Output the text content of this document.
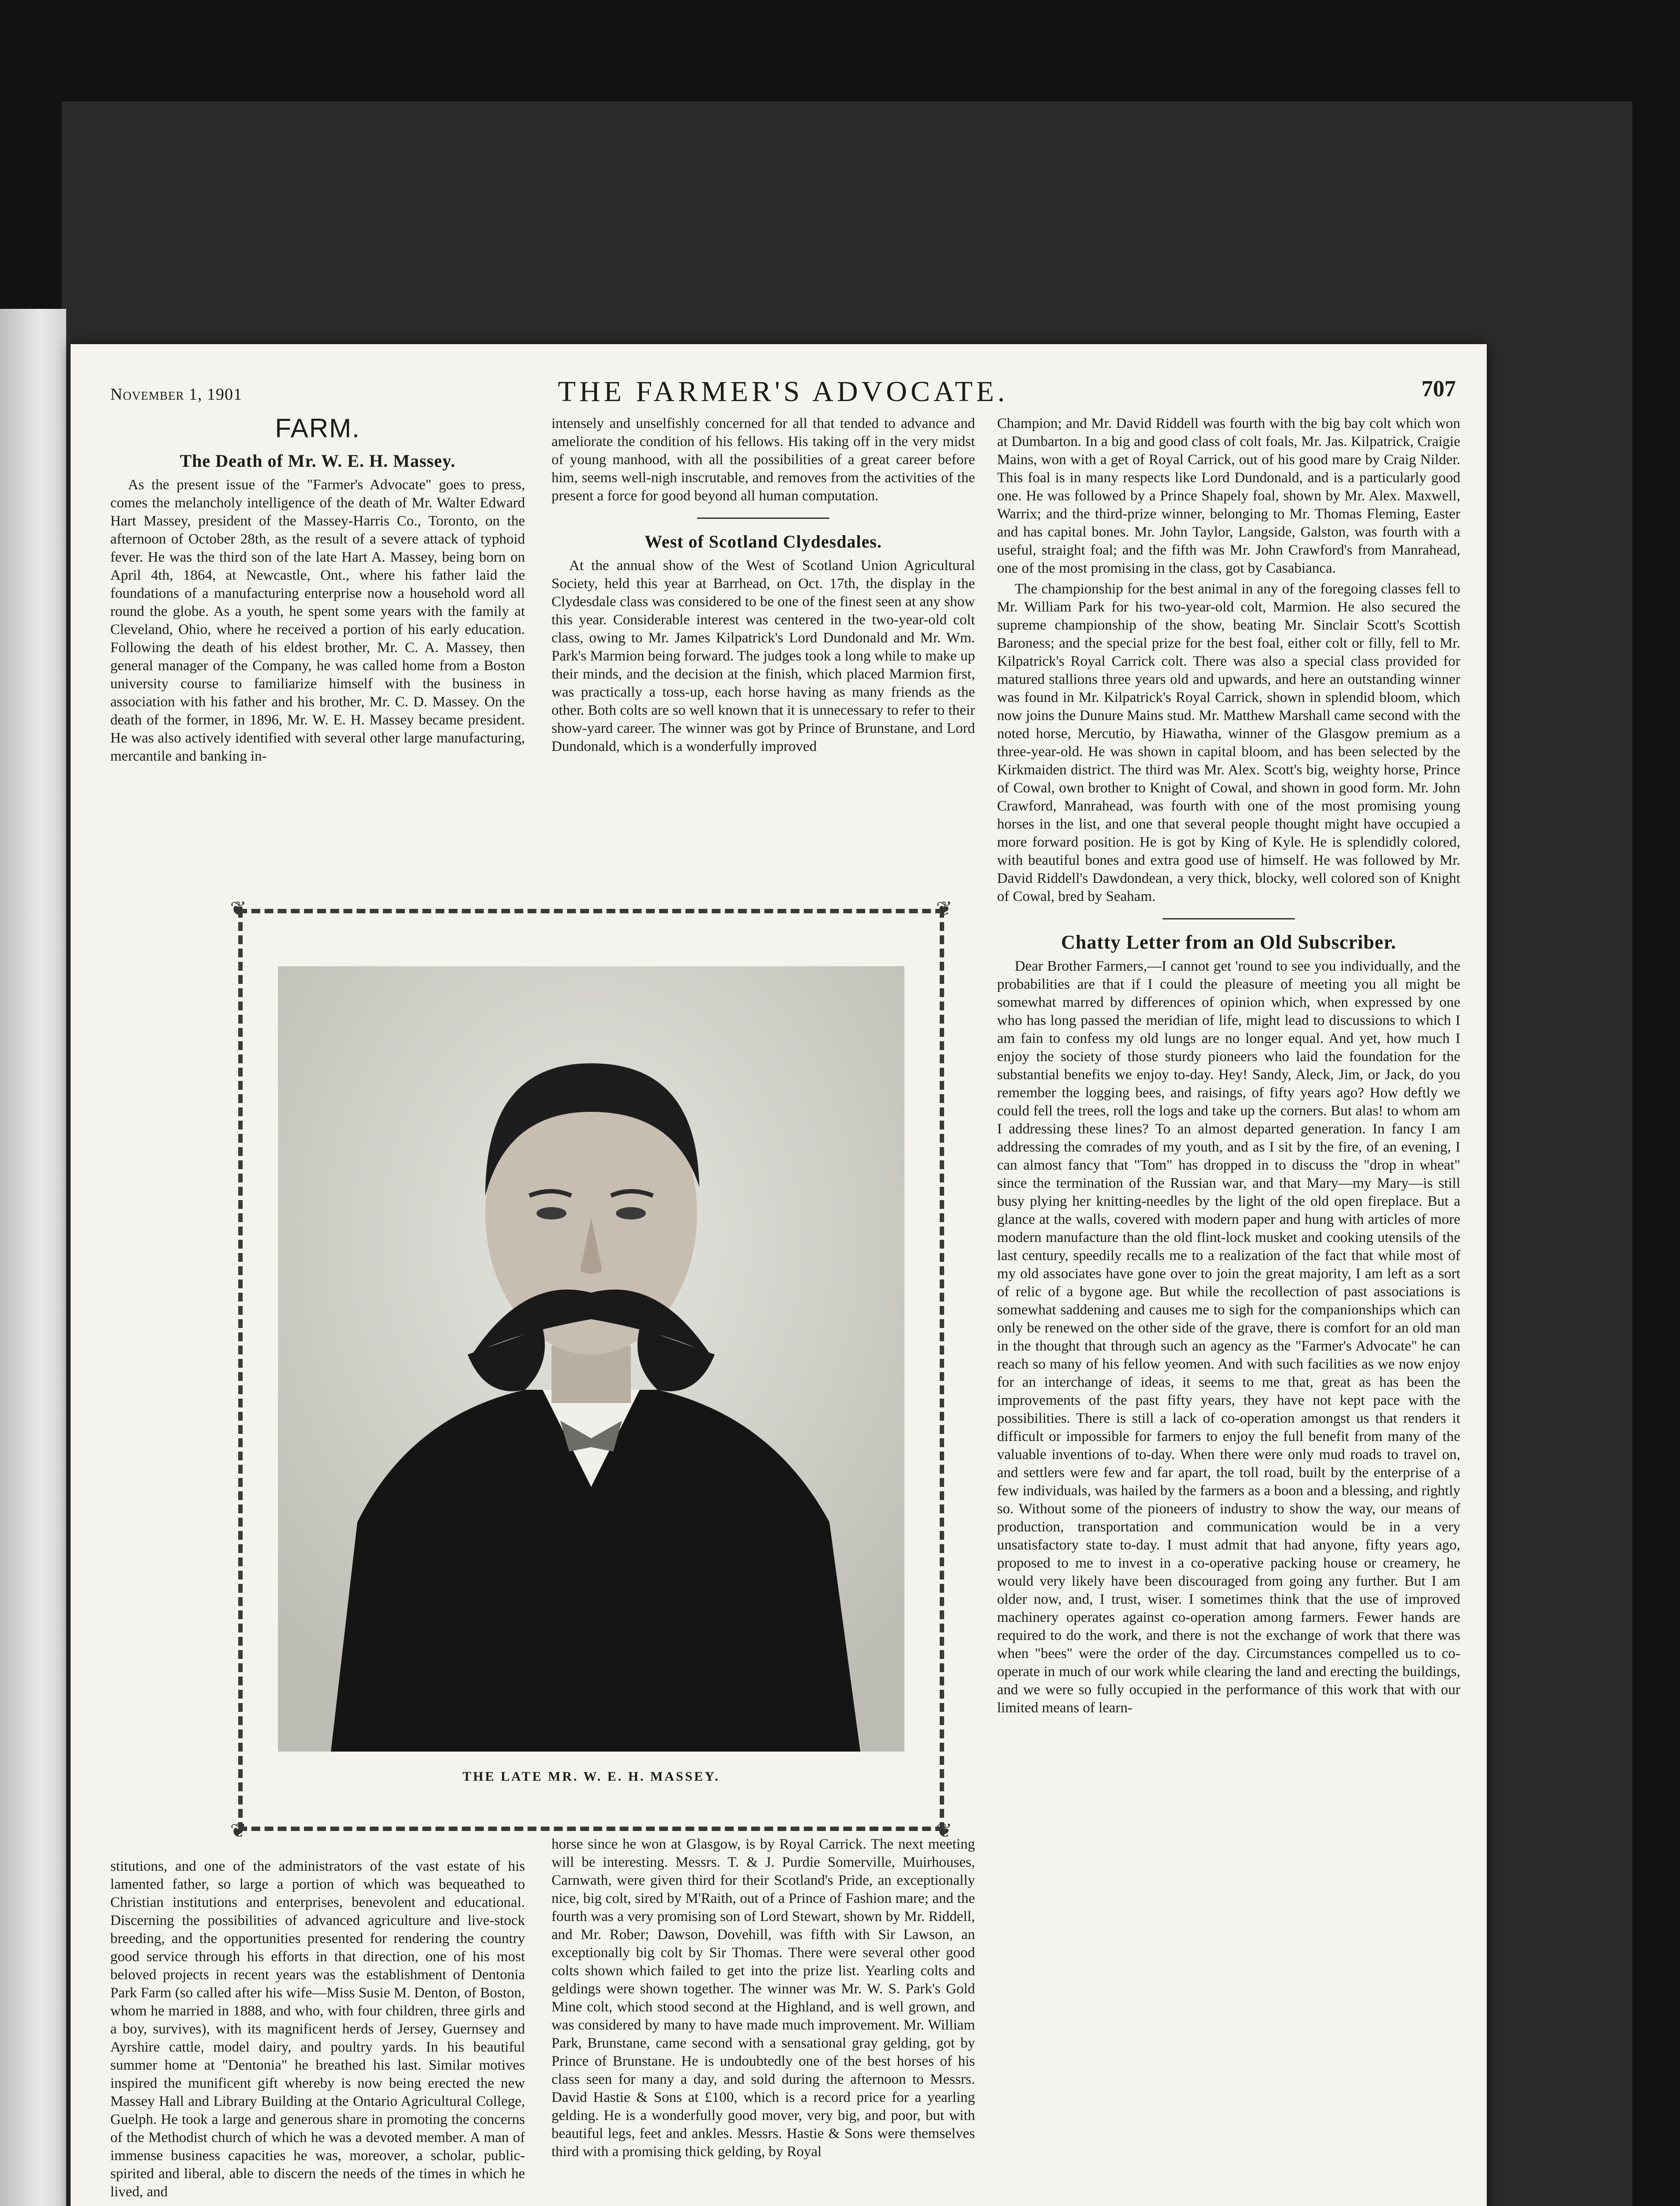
November 1, 1901	THE FARMER'S ADVOCATE.	707
FARM.
The Death of Mr. W. E. H. Massey.

As the present issue of the "Farmer's Advocate" goes to press, comes the melancholy intelligence of the death of Mr. Walter Edward Hart Massey, president of the Massey-Harris Co., Toronto, on the afternoon of October 28th, as the result of a severe attack of typhoid fever. He was the third son of the late Hart A. Massey, being born on April 4th, 1864, at Newcastle, Ont., where his father laid the foundations of a manufacturing enterprise now a household word all round the globe. As a youth, he spent some years with the family at Cleveland, Ohio, where he received a portion of his early education. Following the death of his eldest brother, Mr. C. A. Massey, then general manager of the Company, he was called home from a Boston university course to familiarize himself with the business in association with his father and his brother, Mr. C. D. Massey. On the death of the former, in 1896, Mr. W. E. H. Massey became president. He was also actively identified with several other large manufacturing, mercantile and banking in-

intensely and unselfishly concerned for all that tended to advance and ameliorate the condition of his fellows. His taking off in the very midst of young manhood, with all the possibilities of a great career before him, seems well-nigh inscrutable, and removes from the activities of the present a force for good beyond all human computation.

West of Scotland Clydesdales.

At the annual show of the West of Scotland Union Agricultural Society, held this year at Barrhead, on Oct. 17th, the display in the Clydesdale class was considered to be one of the finest seen at any show this year. Considerable interest was centered in the two-year-old colt class, owing to Mr. James Kilpatrick's Lord Dundonald and Mr. Wm. Park's Marmion being forward. The judges took a long while to make up their minds, and the decision at the finish, which placed Marmion first, was practically a toss-up, each horse having as many friends as the other. Both colts are so well known that it is unnecessary to refer to their show-yard career. The winner was got by Prince of Brunstane, and Lord Dundonald, which is a wonderfully improved

Champion; and Mr. David Riddell was fourth with the big bay colt which won at Dumbarton. In a big and good class of colt foals, Mr. Jas. Kilpatrick, Craigie Mains, won with a get of Royal Carrick, out of his good mare by Craig Nilder. This foal is in many respects like Lord Dundonald, and is a particularly good one. He was followed by a Prince Shapely foal, shown by Mr. Alex. Maxwell, Warrix; and the third-prize winner, belonging to Mr. Thomas Fleming, Easter and has capital bones. Mr. John Taylor, Langside, Galston, was fourth with a useful, straight foal; and the fifth was Mr. John Crawford's from Manrahead, one of the most promising in the class, got by Casabianca.

The championship for the best animal in any of the foregoing classes fell to Mr. William Park for his two-year-old colt, Marmion. He also secured the supreme championship of the show, beating Mr. Sinclair Scott's Scottish Baroness; and the special prize for the best foal, either colt or filly, fell to Mr. Kilpatrick's Royal Carrick colt. There was also a special class provided for matured stallions three years old and upwards, and here an outstanding winner was found in Mr. Kilpatrick's Royal Carrick, shown in splendid bloom, which now joins the Dunure Mains stud. Mr. Matthew Marshall came second with the noted horse, Mercutio, by Hiawatha, winner of the Glasgow premium as a three-year-old. He was shown in capital bloom, and has been selected by the Kirkmaiden district. The third was Mr. Alex. Scott's big, weighty horse, Prince of Cowal, own brother to Knight of Cowal, and shown in good form. Mr. John Crawford, Manrahead, was fourth with one of the most promising young horses in the list, and one that several people thought might have occupied a more forward position. He is got by King of Kyle. He is splendidly colored, with beautiful bones and extra good use of himself. He was followed by Mr. David Riddell's Dawdondean, a very thick, blocky, well colored son of Knight of Cowal, bred by Seaham.

Chatty Letter from an Old Subscriber.

Dear Brother Farmers,—I cannot get 'round to see you individually, and the probabilities are that if I could the pleasure of meeting you all might be somewhat marred by differences of opinion which, when expressed by one who has long passed the meridian of life, might lead to discussions to which I am fain to confess my old lungs are no longer equal. And yet, how much I enjoy the society of those sturdy pioneers who laid the foundation for the substantial benefits we enjoy to-day. Hey! Sandy, Aleck, Jim, or Jack, do you remember the logging bees, and raisings, of fifty years ago? How deftly we could fell the trees, roll the logs and take up the corners. But alas! to whom am I addressing these lines? To an almost departed generation. In fancy I am addressing the comrades of my youth, and as I sit by the fire, of an evening, I can almost fancy that "Tom" has dropped in to discuss the "drop in wheat" since the termination of the Russian war, and that Mary—my Mary—is still busy plying her knitting-needles by the light of the old open fireplace. But a glance at the walls, covered with modern paper and hung with articles of more modern manufacture than the old flint-lock musket and cooking utensils of the last century, speedily recalls me to a realization of the fact that while most of my old associates have gone over to join the great majority, I am left as a sort of relic of a bygone age. But while the recollection of past associations is somewhat saddening and causes me to sigh for the companionships which can only be renewed on the other side of the grave, there is comfort for an old man in the thought that through such an agency as the "Farmer's Advocate" he can reach so many of his fellow yeomen. And with such facilities as we now enjoy for an interchange of ideas, it seems to me that, great as has been the improvements of the past fifty years, they have not kept pace with the possibilities. There is still a lack of co-operation amongst us that renders it difficult or impossible for farmers to enjoy the full benefit from many of the valuable inventions of to-day. When there were only mud roads to travel on, and settlers were few and far apart, the toll road, built by the enterprise of a few individuals, was hailed by the farmers as a boon and a blessing, and rightly so. Without some of the pioneers of industry to show the way, our means of production, transportation and communication would be in a very unsatisfactory state to-day. I must admit that had anyone, fifty years ago, proposed to me to invest in a co-operative packing house or creamery, he would very likely have been discouraged from going any further. But I am older now, and, I trust, wiser. I sometimes think that the use of improved machinery operates against co-operation among farmers. Fewer hands are required to do the work, and there is not the exchange of work that there was when "bees" were the order of the day. Circumstances compelled us to co-operate in much of our work while clearing the land and erecting the buildings, and we were so fully occupied in the performance of this work that with our limited means of learn-

❦	❦
❦	❦
THE LATE MR. W. E. H. MASSEY.

stitutions, and one of the administrators of the vast estate of his lamented father, so large a portion of which was bequeathed to Christian institutions and enterprises, benevolent and educational. Discerning the possibilities of advanced agriculture and live-stock breeding, and the opportunities presented for rendering the country good service through his efforts in that direction, one of his most beloved projects in recent years was the establishment of Dentonia Park Farm (so called after his wife—Miss Susie M. Denton, of Boston, whom he married in 1888, and who, with four children, three girls and a boy, survives), with its magnificent herds of Jersey, Guernsey and Ayrshire cattle, model dairy, and poultry yards. In his beautiful summer home at "Dentonia" he breathed his last. Similar motives inspired the munificent gift whereby is now being erected the new Massey Hall and Library Building at the Ontario Agricultural College, Guelph. He took a large and generous share in promoting the concerns of the Methodist church of which he was a devoted member. A man of immense business capacities he was, moreover, a scholar, public-spirited and liberal, able to discern the needs of the times in which he lived, and

horse since he won at Glasgow, is by Royal Carrick. The next meeting will be interesting. Messrs. T. & J. Purdie Somerville, Muirhouses, Carnwath, were given third for their Scotland's Pride, an exceptionally nice, big colt, sired by M'Raith, out of a Prince of Fashion mare; and the fourth was a very promising son of Lord Stewart, shown by Mr. Riddell, and Mr. Rober; Dawson, Dovehill, was fifth with Sir Lawson, an exceptionally big colt by Sir Thomas. There were several other good colts shown which failed to get into the prize list. Yearling colts and geldings were shown together. The winner was Mr. W. S. Park's Gold Mine colt, which stood second at the Highland, and is well grown, and was considered by many to have made much improvement. Mr. William Park, Brunstane, came second with a sensational gray gelding, got by Prince of Brunstane. He is undoubtedly one of the best horses of his class seen for many a day, and sold during the afternoon to Messrs. David Hastie & Sons at £100, which is a record price for a yearling gelding. He is a wonderfully good mover, very big, and poor, but with beautiful legs, feet and ankles. Messrs. Hastie & Sons were themselves third with a promising thick gelding, by Royal
